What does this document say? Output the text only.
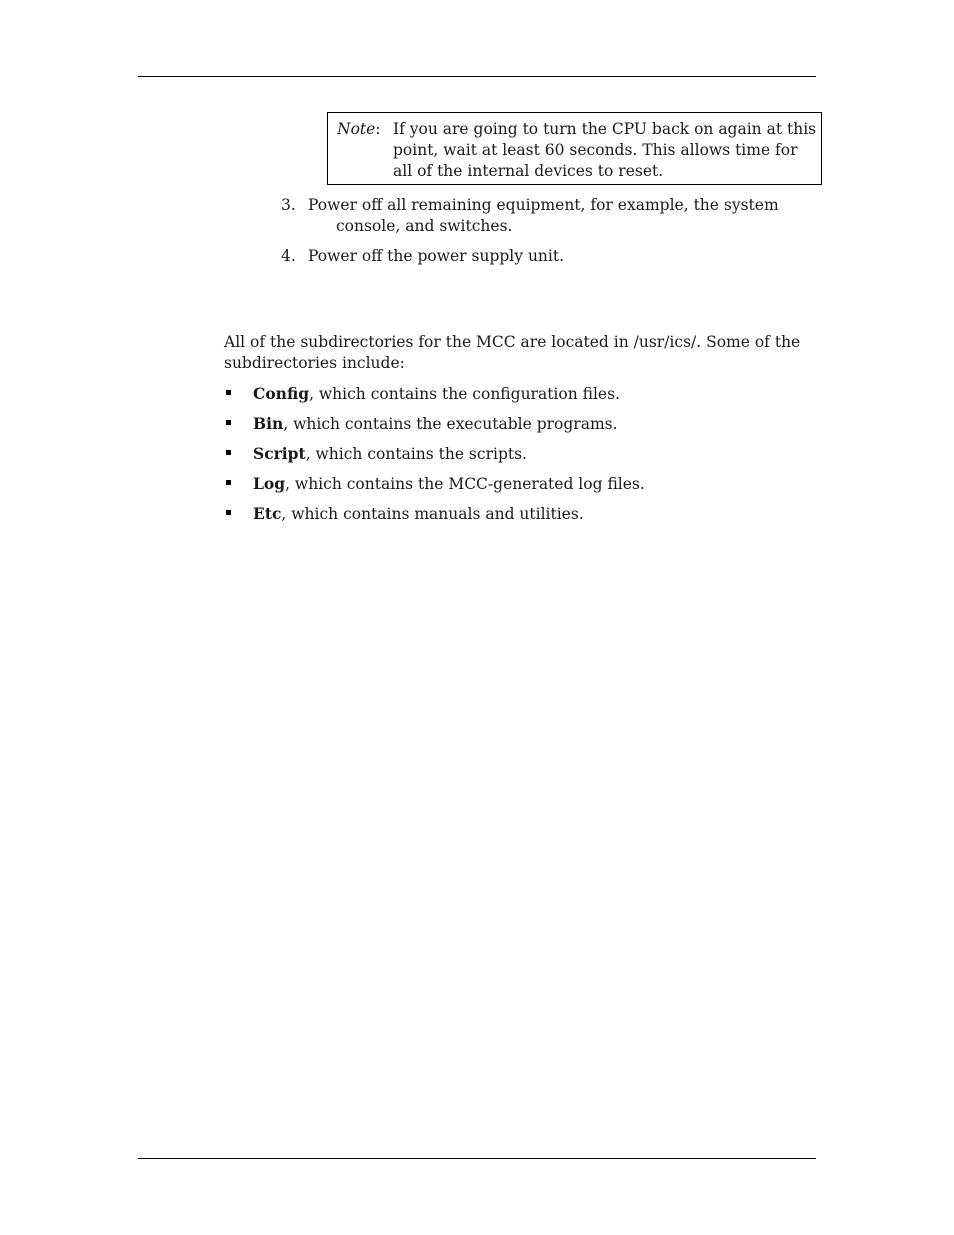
Note: If you are going to turn the CPU back on again at this point, wait at least 60 seconds. This allows time for all of the internal devices to reset.
3. Power off all remaining equipment, for example, the system
console, and switches.
4. Power off the power supply unit.
All of the subdirectories for the MCC are located in /usr/ics/. Some of the
subdirectories include:
Config, which contains the configuration files.
Bin, which contains the executable programs.
Script, which contains the scripts.
Log, which contains the MCC-generated log files.
Etc, which contains manuals and utilities.
